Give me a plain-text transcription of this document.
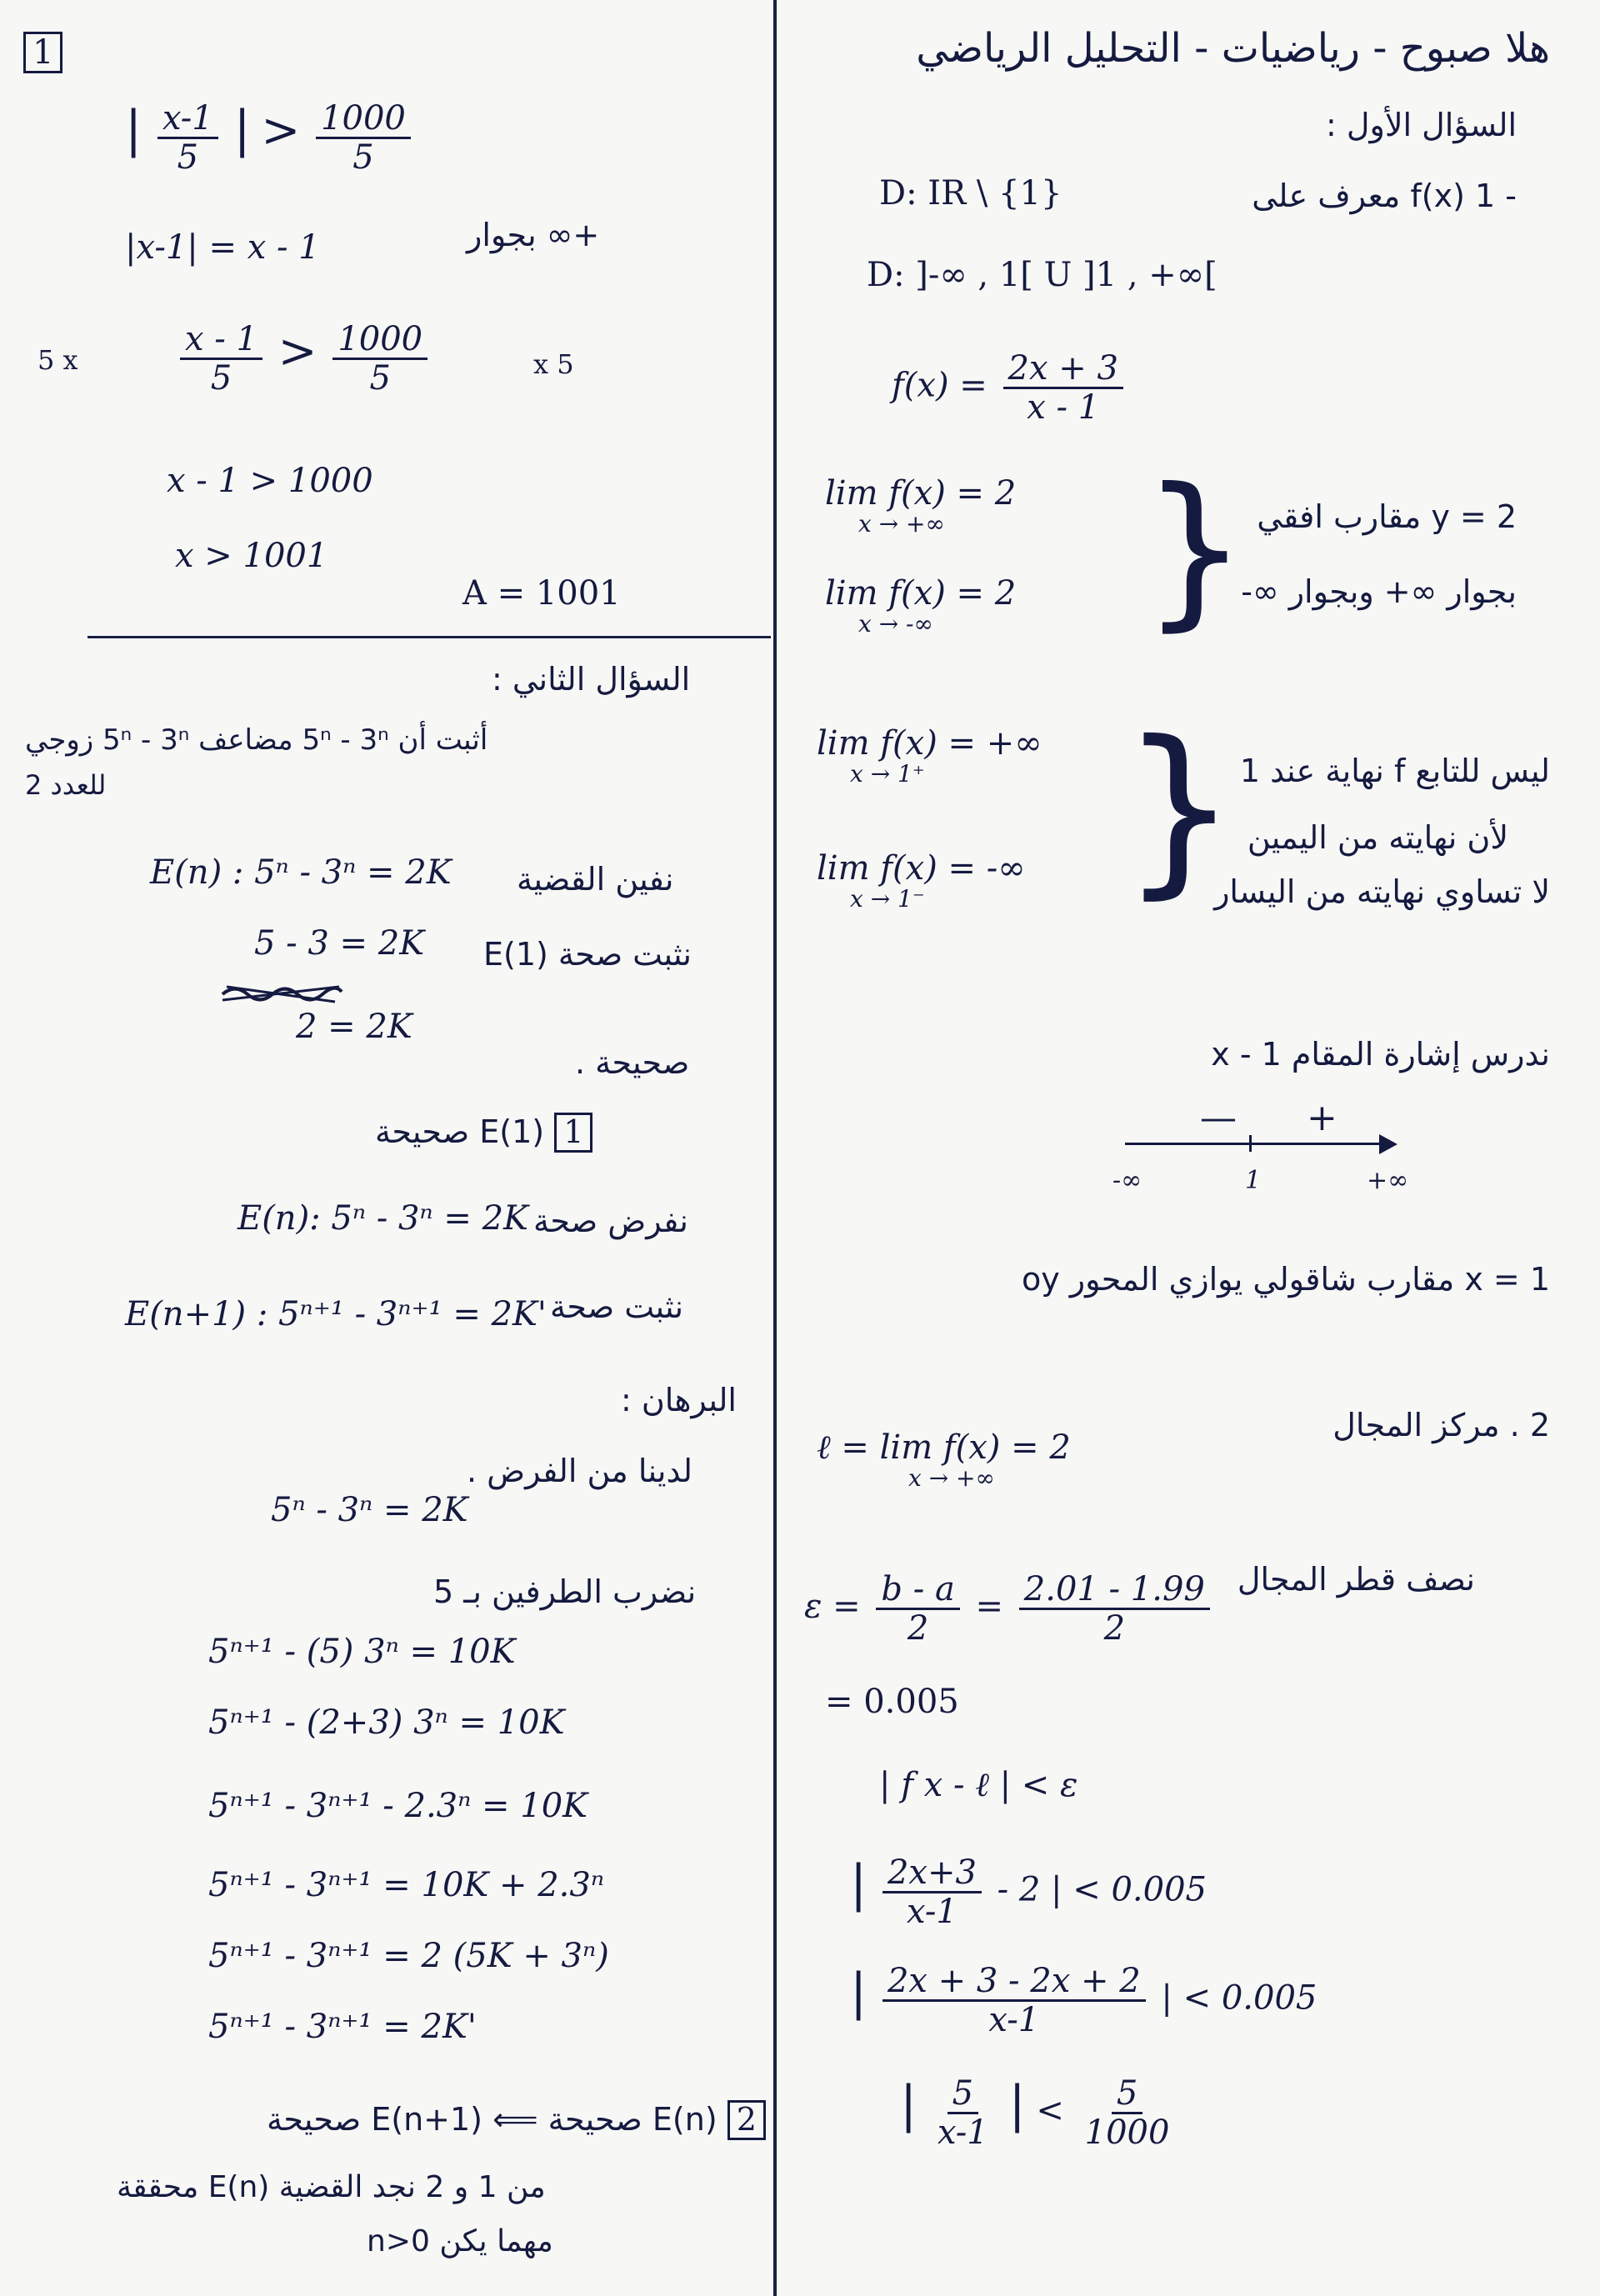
1	هلا صبوح - رياضيات - التحليل الرياضي
السؤال الأول :
D: IR \ {1}	- 1 f(x) معرف على
D: ]-∞ , 1[ U ]1 , +∞[
$f(x) = \frac{2x + 3}{x - 1}$
lim f(x) = 2
x → +∞
lim f(x) = 2
x → -∞	} y = 2 مقارب افقي
بجوار ∞+ وبجوار ∞-
lim f(x) = +∞
x → 1⁺
lim f(x) = -∞
x → 1⁻	} ليس للتابع f نهاية عند 1
لأن نهايته من اليمين
لا تساوي نهايته من اليسار
ندرس إشارة المقام x - 1
— +
-∞	1	+∞
x = 1 مقارب شاقولي يوازي المحور oy
2 . مركز المجال
ℓ = lim f(x) = 2
x → +∞
نصف قطر المجال
$\varepsilon = \frac{b - a}{2} = \frac{2.01 - 1.99}{2}$
= 0.005
| f x - ℓ | < ε
| $\frac{2x+3}{x-1} - 2$ | < 0.005
| $\frac{2x + 3 - 2x + 2}{x-1}$ | < 0.005
| $\frac{5}{x-1}$ | < $\frac{5}{1000}$
| $\frac{x-1}{5}$ | > $\frac{1000}{5}$
|x-1| = x - 1	+∞ بجوار
5 x	$\frac{x - 1}{5} > \frac{1000}{5}$	x 5
x - 1 > 1000
x > 1001
A = 1001
السؤال الثاني :
أثبت أن 5ⁿ - 3ⁿ مضاعف 5ⁿ - 3ⁿ زوجي
للعدد 2
E(n) : 5ⁿ - 3ⁿ = 2K نفين القضية
5 - 3 = 2K نثبت صحة E(1)
2 = 2K
صحيحة .
1 E(1) صحيحة
E(n): 5ⁿ - 3ⁿ = 2K نفرض صحة
E(n+1) : 5ⁿ⁺¹ - 3ⁿ⁺¹ = 2K' نثبت صحة
البرهان :
لدينا من الفرض .
5ⁿ - 3ⁿ = 2K
نضرب الطرفين بـ 5
5ⁿ⁺¹ - (5) 3ⁿ = 10K
5ⁿ⁺¹ - (2+3) 3ⁿ = 10K
5ⁿ⁺¹ - 3ⁿ⁺¹ - 2.3ⁿ = 10K
5ⁿ⁺¹ - 3ⁿ⁺¹ = 10K + 2.3ⁿ
5ⁿ⁺¹ - 3ⁿ⁺¹ = 2 (5K + 3ⁿ)
5ⁿ⁺¹ - 3ⁿ⁺¹ = 2K'
2 E(n) صحيحة ⟸ E(n+1) صحيحة
من 1 و 2 نجد القضية E(n) محققة
مهما يكن n>0
